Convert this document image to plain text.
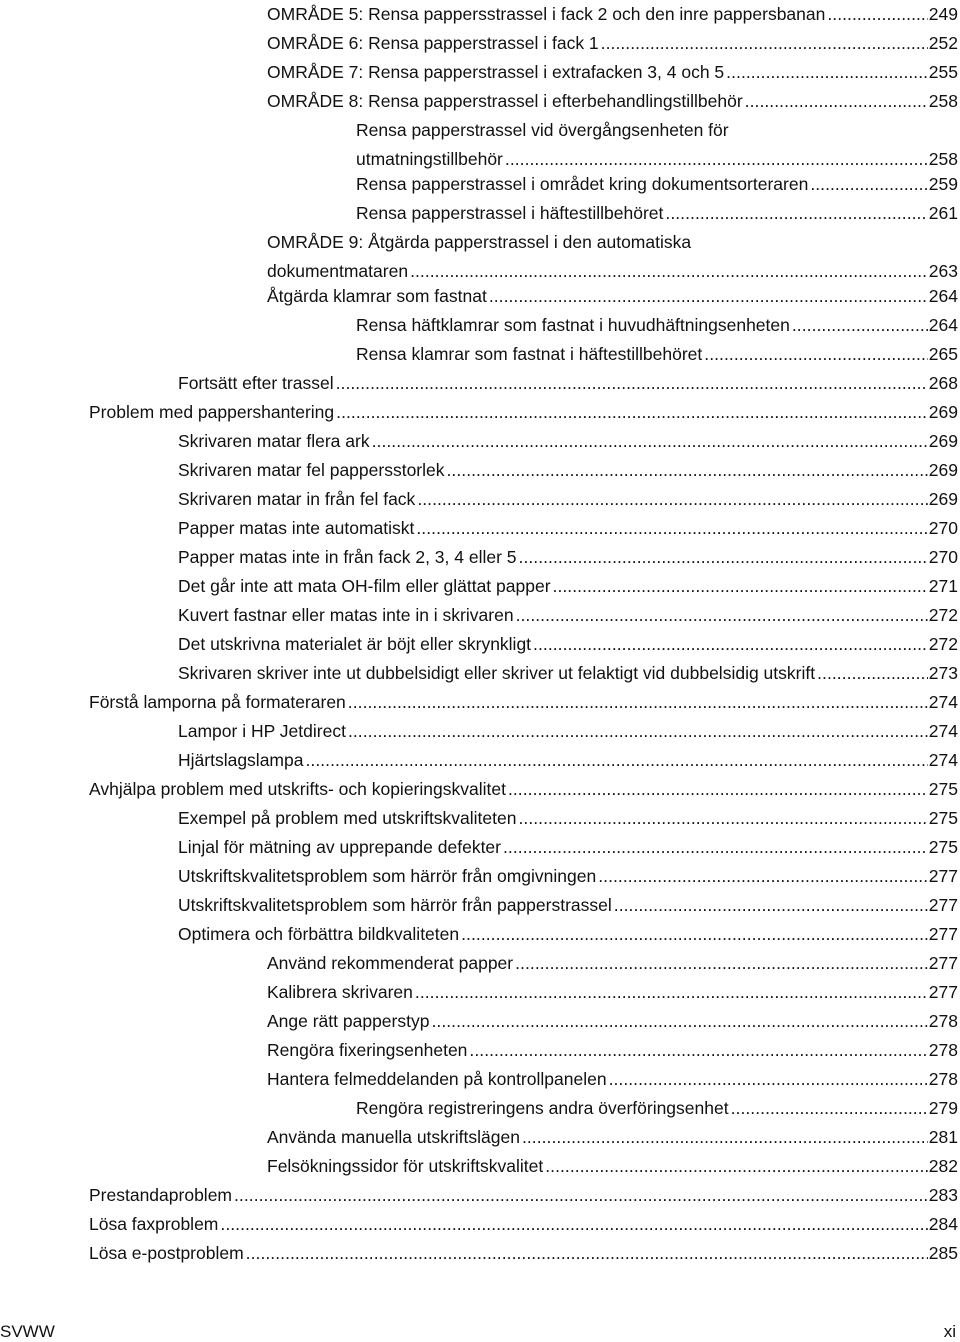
OMRÅDE 5: Rensa pappersstrassel i fack 2 och den inre pappersbanan . . .	249
OMRÅDE 6: Rensa papperstrassel i fack 1 . . .	252
OMRÅDE 7: Rensa papperstrassel i extrafacken 3, 4 och 5 . . .	255
OMRÅDE 8: Rensa papperstrassel i efterbehandlingstillbehör . . .	258
Rensa papperstrassel vid övergångsenheten för
utmatningstillbehör . . .	258
Rensa papperstrassel i området kring dokumentsorteraren . . .	259
Rensa papperstrassel i häftestillbehöret . . .	261
OMRÅDE 9: Åtgärda papperstrassel i den automatiska
dokumentmataren . . .	263
Åtgärda klamrar som fastnat . . .	264
Rensa häftklamrar som fastnat i huvudhäftningsenheten . . .	264
Rensa klamrar som fastnat i häftestillbehöret . . .	265
Fortsätt efter trassel . . .	268
Problem med pappershantering . . .	269
Skrivaren matar flera ark . . .	269
Skrivaren matar fel pappersstorlek . . .	269
Skrivaren matar in från fel fack . . .	269
Papper matas inte automatiskt . . .	270
Papper matas inte in från fack 2, 3, 4 eller 5 . . .	270
Det går inte att mata OH-film eller glättat papper . . .	271
Kuvert fastnar eller matas inte in i skrivaren . . .	272
Det utskrivna materialet är böjt eller skrynkligt . . .	272
Skrivaren skriver inte ut dubbelsidigt eller skriver ut felaktigt vid dubbelsidig utskrift . . .	273
Förstå lamporna på formateraren . . .	274
Lampor i HP Jetdirect . . .	274
Hjärtslagslampa . . .	274
Avhjälpa problem med utskrifts- och kopieringskvalitet . . .	275
Exempel på problem med utskriftskvaliteten . . .	275
Linjal för mätning av upprepande defekter . . .	275
Utskriftskvalitetsproblem som härrör från omgivningen . . .	277
Utskriftskvalitetsproblem som härrör från papperstrassel . . .	277
Optimera och förbättra bildkvaliteten . . .	277
Använd rekommenderat papper . . .	277
Kalibrera skrivaren . . .	277
Ange rätt papperstyp . . .	278
Rengöra fixeringsenheten . . .	278
Hantera felmeddelanden på kontrollpanelen . . .	278
Rengöra registreringens andra överföringsenhet . . .	279
Använda manuella utskriftslägen . . .	281
Felsökningssidor för utskriftskvalitet . . .	282
Prestandaproblem . . .	283
Lösa faxproblem . . .	284
Lösa e-postproblem . . .	285
SVWW	xi
